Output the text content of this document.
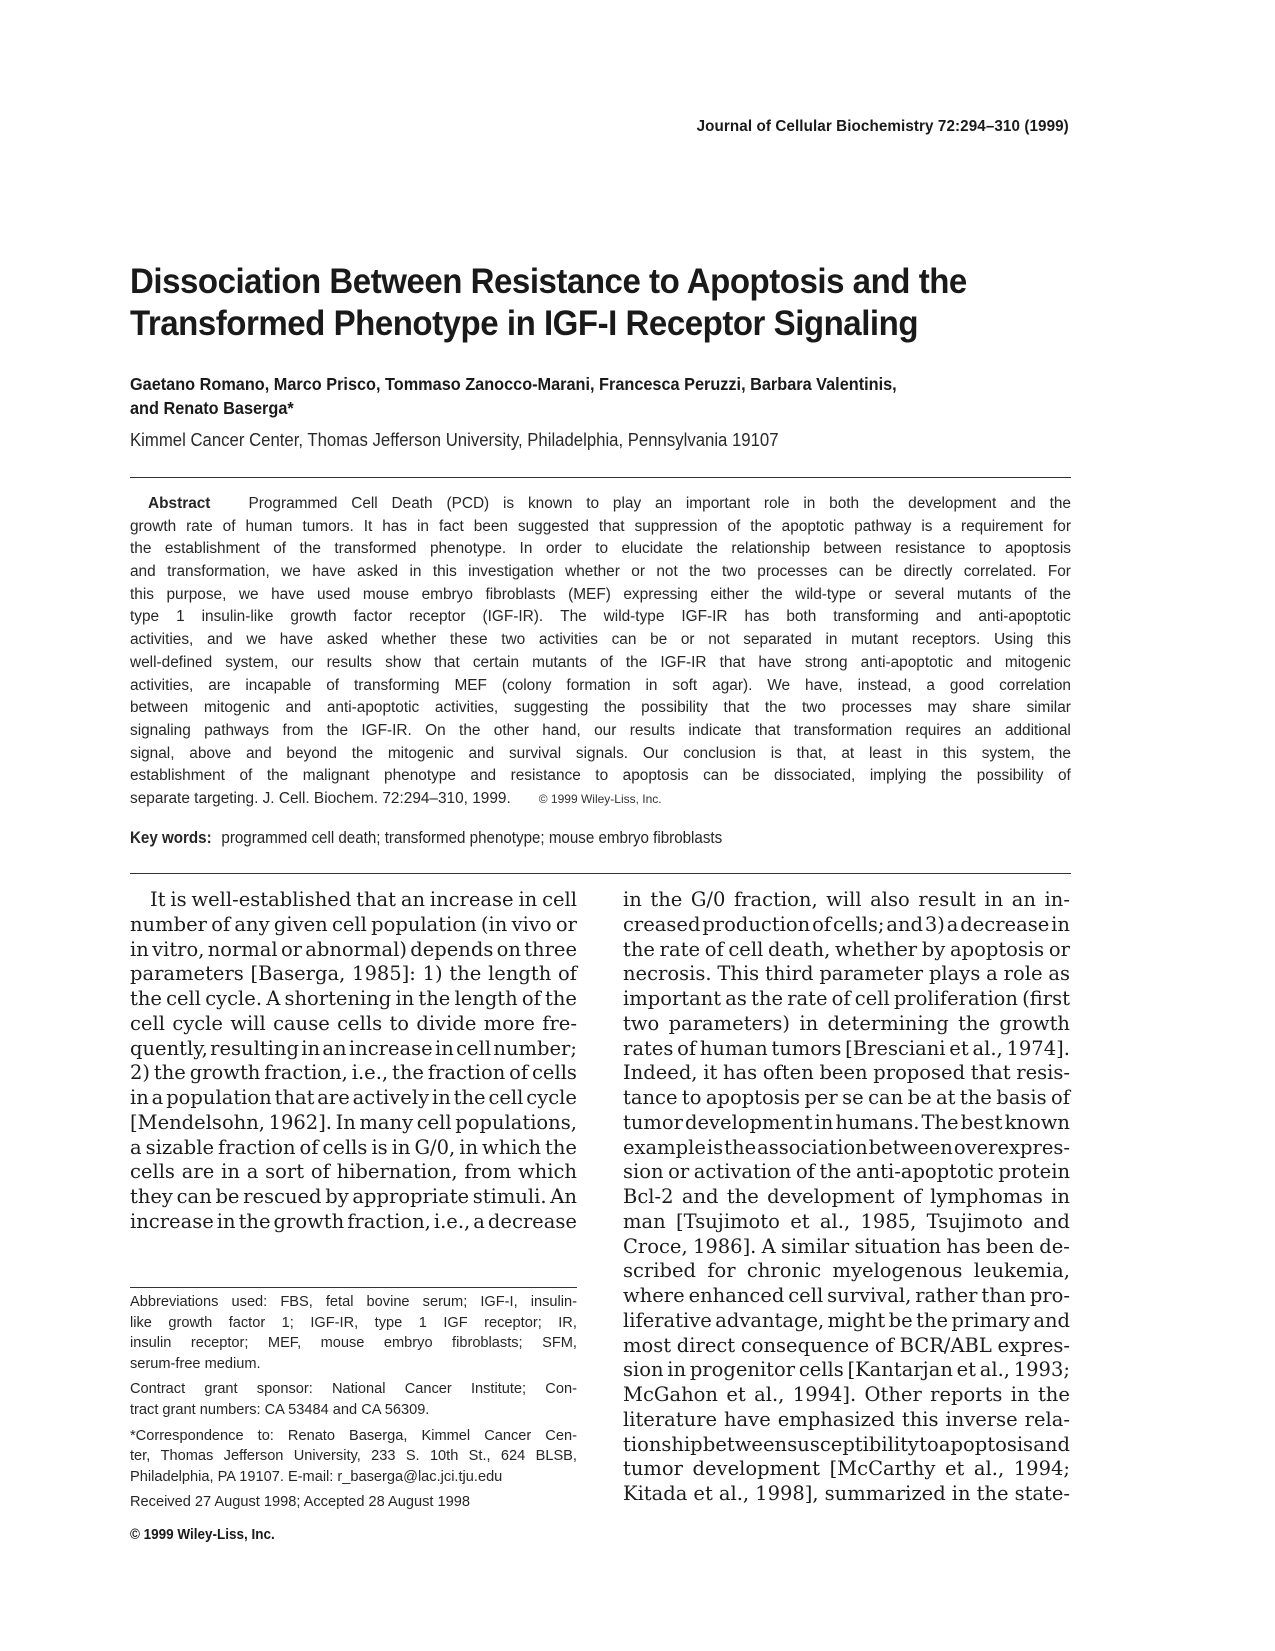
Journal of Cellular Biochemistry 72:294–310 (1999)
Dissociation Between Resistance to Apoptosis and the
Transformed Phenotype in IGF-I Receptor Signaling
Gaetano Romano, Marco Prisco, Tommaso Zanocco-Marani, Francesca Peruzzi, Barbara Valentinis,
and Renato Baserga*
Kimmel Cancer Center, Thomas Jefferson University, Philadelphia, Pennsylvania 19107
Abstract Programmed Cell Death (PCD) is known to play an important role in both the development and the
growth rate of human tumors. It has in fact been suggested that suppression of the apoptotic pathway is a requirement for
the establishment of the transformed phenotype. In order to elucidate the relationship between resistance to apoptosis
and transformation, we have asked in this investigation whether or not the two processes can be directly correlated. For
this purpose, we have used mouse embryo fibroblasts (MEF) expressing either the wild-type or several mutants of the
type 1 insulin-like growth factor receptor (IGF-IR). The wild-type IGF-IR has both transforming and anti-apoptotic
activities, and we have asked whether these two activities can be or not separated in mutant receptors. Using this
well-defined system, our results show that certain mutants of the IGF-IR that have strong anti-apoptotic and mitogenic
activities, are incapable of transforming MEF (colony formation in soft agar). We have, instead, a good correlation
between mitogenic and anti-apoptotic activities, suggesting the possibility that the two processes may share similar
signaling pathways from the IGF-IR. On the other hand, our results indicate that transformation requires an additional
signal, above and beyond the mitogenic and survival signals. Our conclusion is that, at least in this system, the
establishment of the malignant phenotype and resistance to apoptosis can be dissociated, implying the possibility of
separate targeting. J. Cell. Biochem. 72:294–310, 1999. © 1999 Wiley-Liss, Inc.
Key words: programmed cell death; transformed phenotype; mouse embryo fibroblasts
It is well-established that an increase in cell
number of any given cell population (in vivo or
in vitro, normal or abnormal) depends on three
parameters [Baserga, 1985]: 1) the length of
the cell cycle. A shortening in the length of the
cell cycle will cause cells to divide more fre-
quently, resulting in an increase in cell number;
2) the growth fraction, i.e., the fraction of cells
in a population that are actively in the cell cycle
[Mendelsohn, 1962]. In many cell populations,
a sizable fraction of cells is in G/0, in which the
cells are in a sort of hibernation, from which
they can be rescued by appropriate stimuli. An
increase in the growth fraction, i.e., a decrease
in the G/0 fraction, will also result in an in-
creased production of cells; and 3) a decrease in
the rate of cell death, whether by apoptosis or
necrosis. This third parameter plays a role as
important as the rate of cell proliferation (first
two parameters) in determining the growth
rates of human tumors [Bresciani et al., 1974].
Indeed, it has often been proposed that resis-
tance to apoptosis per se can be at the basis of
tumor development in humans. The best known
example is the association between overexpres-
sion or activation of the anti-apoptotic protein
Bcl-2 and the development of lymphomas in
man [Tsujimoto et al., 1985, Tsujimoto and
Croce, 1986]. A similar situation has been de-
scribed for chronic myelogenous leukemia,
where enhanced cell survival, rather than pro-
liferative advantage, might be the primary and
most direct consequence of BCR/ABL expres-
sion in progenitor cells [Kantarjan et al., 1993;
McGahon et al., 1994]. Other reports in the
literature have emphasized this inverse rela-
tionship between susceptibility to apoptosis and
tumor development [McCarthy et al., 1994;
Kitada et al., 1998], summarized in the state-
Abbreviations used: FBS, fetal bovine serum; IGF-I, insulin-
like growth factor 1; IGF-IR, type 1 IGF receptor; IR,
insulin receptor; MEF, mouse embryo fibroblasts; SFM,
serum-free medium.
Contract grant sponsor: National Cancer Institute; Con-
tract grant numbers: CA 53484 and CA 56309.
*Correspondence to: Renato Baserga, Kimmel Cancer Cen-
ter, Thomas Jefferson University, 233 S. 10th St., 624 BLSB,
Philadelphia, PA 19107. E-mail: r_baserga@lac.jci.tju.edu
Received 27 August 1998; Accepted 28 August 1998
© 1999 Wiley-Liss, Inc.
